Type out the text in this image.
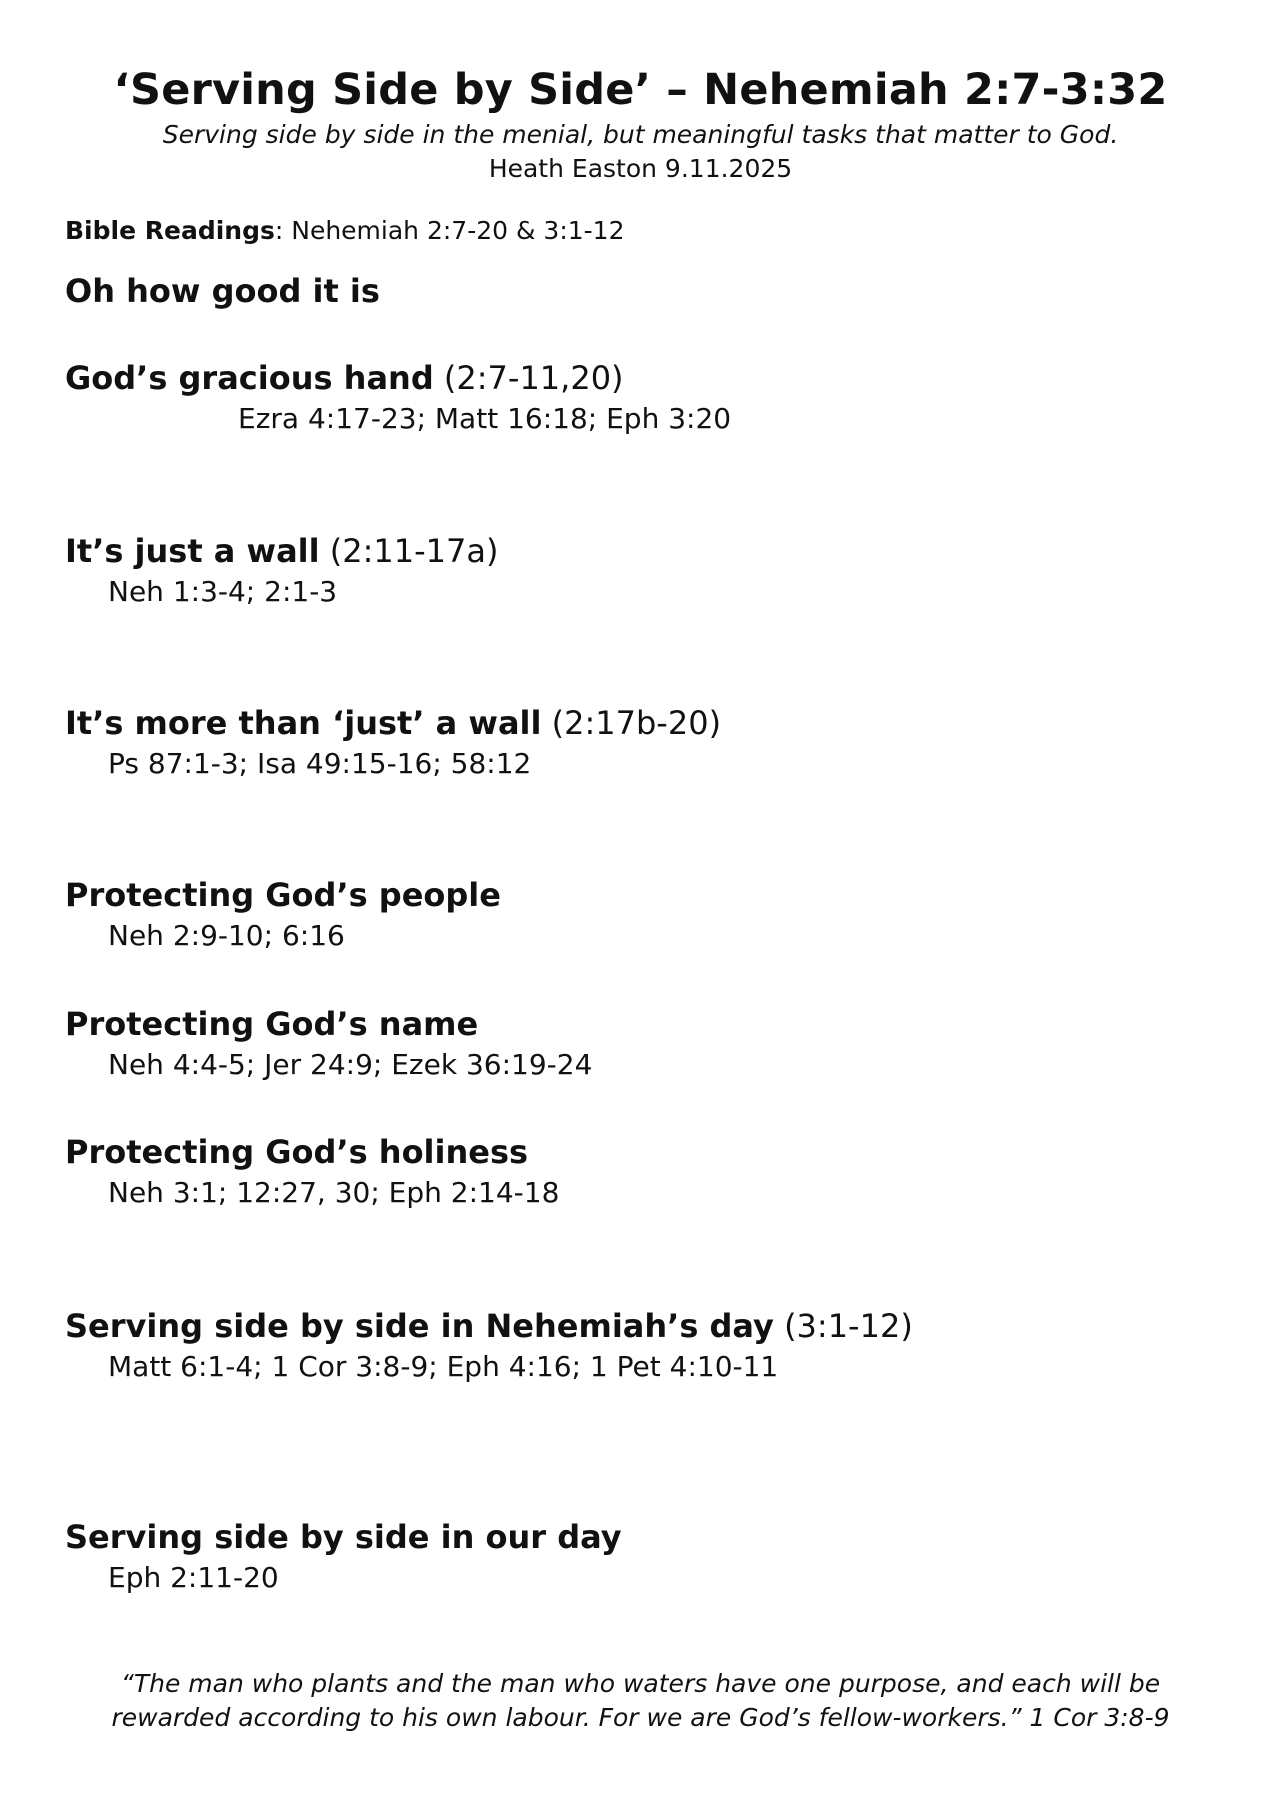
‘Serving Side by Side’ – Nehemiah 2:7-3:32
Serving side by side in the menial, but meaningful tasks that matter to God.
Heath Easton 9.11.2025
Bible Readings: Nehemiah 2:7-20 & 3:1-12
Oh how good it is
God’s gracious hand (2:7-11,20)
Ezra 4:17-23; Matt 16:18; Eph 3:20
It’s just a wall (2:11-17a)
Neh 1:3-4; 2:1-3
It’s more than ‘just’ a wall (2:17b-20)
Ps 87:1-3; Isa 49:15-16; 58:12
Protecting God’s people
Neh 2:9-10; 6:16
Protecting God’s name
Neh 4:4-5; Jer 24:9; Ezek 36:19-24
Protecting God’s holiness
Neh 3:1; 12:27, 30; Eph 2:14-18
Serving side by side in Nehemiah’s day (3:1-12)
Matt 6:1-4; 1 Cor 3:8-9; Eph 4:16; 1 Pet 4:10-11
Serving side by side in our day
Eph 2:11-20
“The man who plants and the man who waters have one purpose, and each will be
rewarded according to his own labour. For we are God’s fellow-workers.” 1 Cor 3:8-9
